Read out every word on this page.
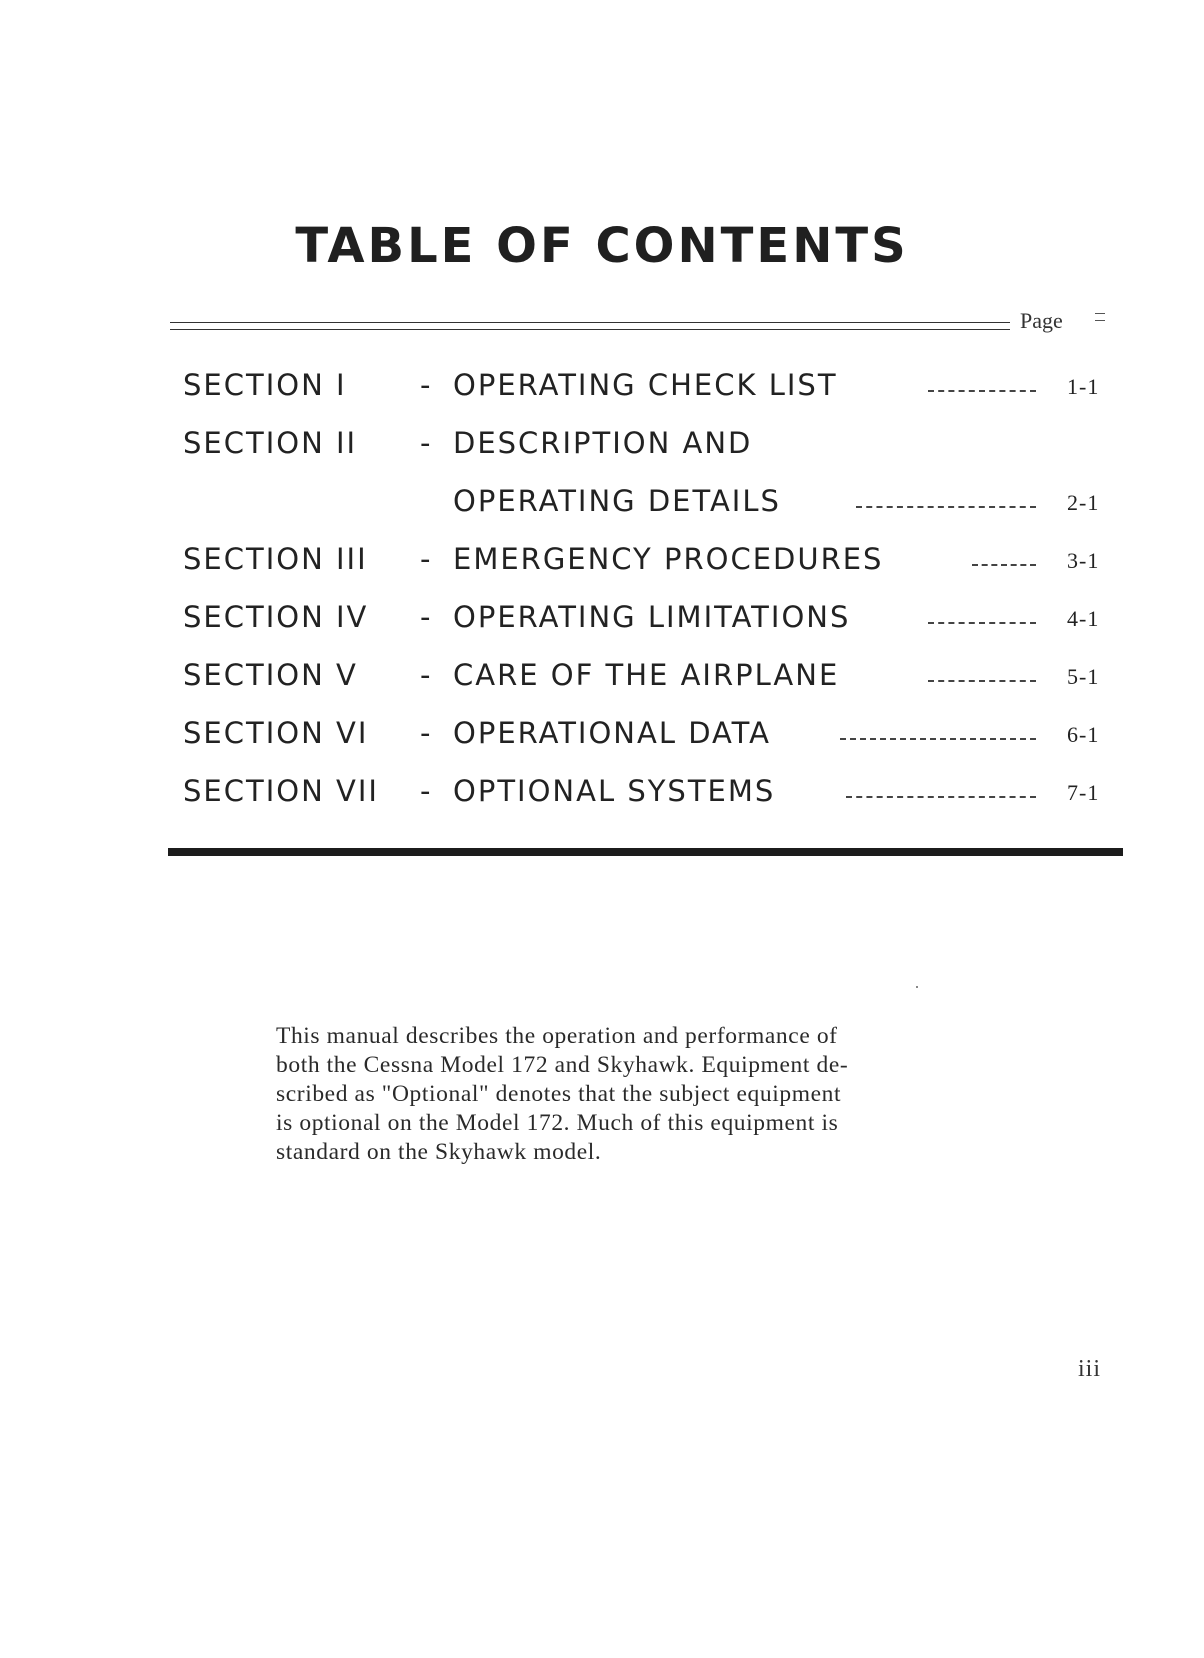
TABLE OF CONTENTS
Page
SECTION I	- OPERATING CHECK LIST	1-1
SECTION II - DESCRIPTION AND
OPERATING DETAILS	2-1
SECTION III - EMERGENCY PROCEDURES	3-1
SECTION IV - OPERATING LIMITATIONS	4-1
SECTION V - CARE OF THE AIRPLANE	5-1
SECTION VI - OPERATIONAL DATA	6-1
SECTION VII - OPTIONAL SYSTEMS	7-1
This manual describes the operation and performance of
both the Cessna Model 172 and Skyhawk. Equipment de-
scribed as "Optional" denotes that the subject equipment
is optional on the Model 172. Much of this equipment is
standard on the Skyhawk model.
iii
